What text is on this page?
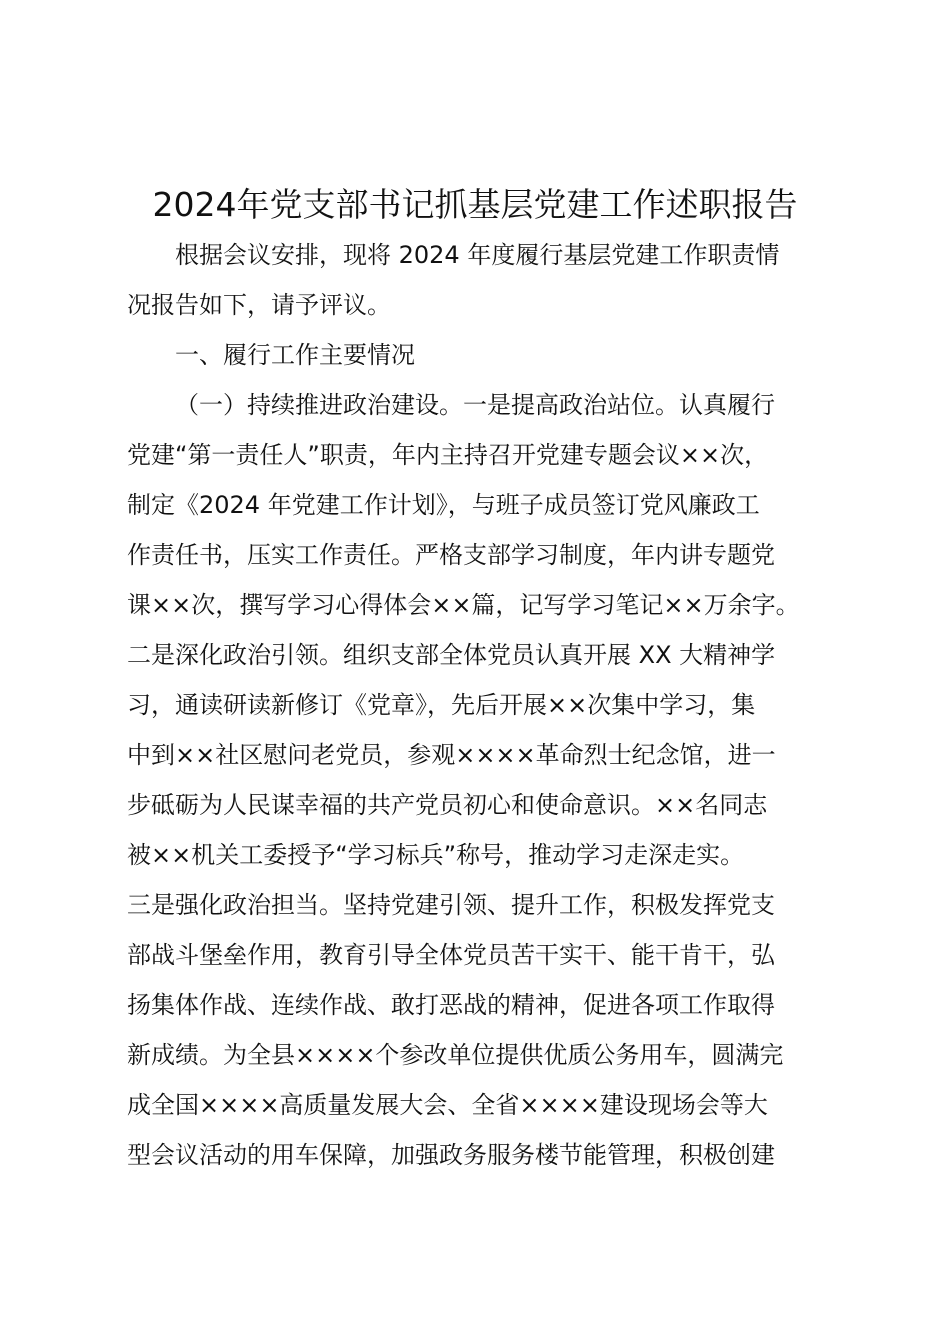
2024年党支部书记抓基层党建工作述职报告
根据会议安排，现将 2024 年度履行基层党建工作职责情
况报告如下，请予评议。
一、履行工作主要情况
（一）持续推进政治建设。一是提高政治站位。认真履行
党建“第一责任人”职责，年内主持召开党建专题会议××次，
制定《2024 年党建工作计划》，与班子成员签订党风廉政工
作责任书，压实工作责任。严格支部学习制度，年内讲专题党
课××次，撰写学习心得体会××篇，记写学习笔记××万余字。
二是深化政治引领。组织支部全体党员认真开展 XX 大精神学
习，通读研读新修订《党章》，先后开展××次集中学习，集
中到××社区慰问老党员，参观××××革命烈士纪念馆，进一
步砥砺为人民谋幸福的共产党员初心和使命意识。××名同志
被××机关工委授予“学习标兵”称号，推动学习走深走实。
三是强化政治担当。坚持党建引领、提升工作，积极发挥党支
部战斗堡垒作用，教育引导全体党员苦干实干、能干肯干，弘
扬集体作战、连续作战、敢打恶战的精神，促进各项工作取得
新成绩。为全县××××个参改单位提供优质公务用车，圆满完
成全国××××高质量发展大会、全省××××建设现场会等大
型会议活动的用车保障，加强政务服务楼节能管理，积极创建
